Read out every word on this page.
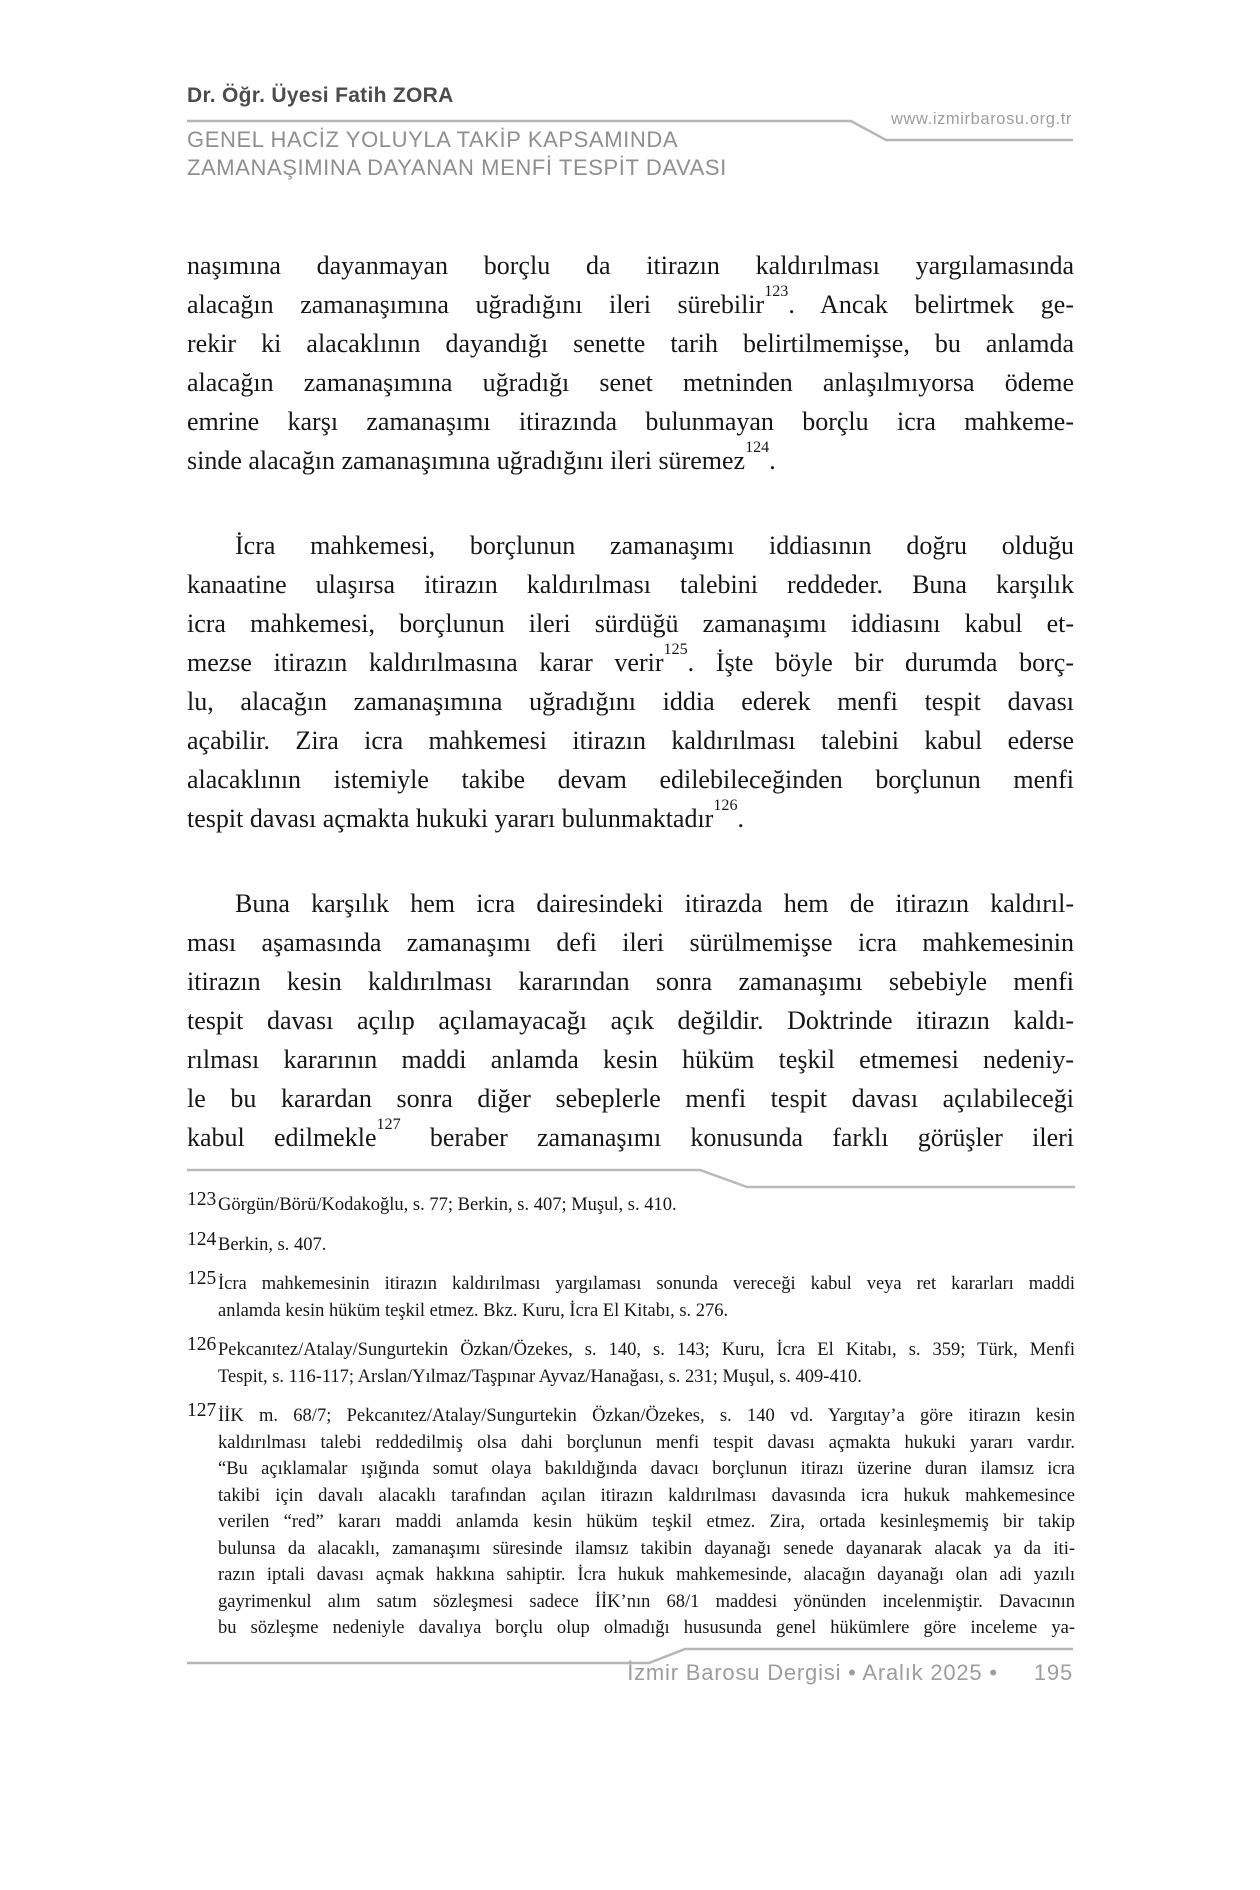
Dr. Öğr. Üyesi Fatih ZORA
www.izmirbarosu.org.tr
GENEL HACİZ YOLUYLA TAKİP KAPSAMINDA
ZAMANAŞIMINA DAYANAN MENFİ TESPİT DAVASI
naşımına dayanmayan borçlu da itirazın kaldırılması yargılamasında
alacağın zamanaşımına uğradığını ileri sürebilir$^{123}$. Ancak belirtmek ge-
rekir ki alacaklının dayandığı senette tarih belirtilmemişse, bu anlamda
alacağın zamanaşımına uğradığı senet metninden anlaşılmıyorsa ödeme
emrine karşı zamanaşımı itirazında bulunmayan borçlu icra mahkeme-
sinde alacağın zamanaşımına uğradığını ileri süremez$^{124}$.
İcra mahkemesi, borçlunun zamanaşımı iddiasının doğru olduğu
kanaatine ulaşırsa itirazın kaldırılması talebini reddeder. Buna karşılık
icra mahkemesi, borçlunun ileri sürdüğü zamanaşımı iddiasını kabul et-
mezse itirazın kaldırılmasına karar verir$^{125}$. İşte böyle bir durumda borç-
lu, alacağın zamanaşımına uğradığını iddia ederek menfi tespit davası
açabilir. Zira icra mahkemesi itirazın kaldırılması talebini kabul ederse
alacaklının istemiyle takibe devam edilebileceğinden borçlunun menfi
tespit davası açmakta hukuki yararı bulunmaktadır$^{126}$.
Buna karşılık hem icra dairesindeki itirazda hem de itirazın kaldırıl-
ması aşamasında zamanaşımı defi ileri sürülmemişse icra mahkemesinin
itirazın kesin kaldırılması kararından sonra zamanaşımı sebebiyle menfi
tespit davası açılıp açılamayacağı açık değildir. Doktrinde itirazın kaldı-
rılması kararının maddi anlamda kesin hüküm teşkil etmemesi nedeniy-
le bu karardan sonra diğer sebeplerle menfi tespit davası açılabileceği
kabul edilmekle$^{127}$ beraber zamanaşımı konusunda farklı görüşler ileri
123 Görgün/Börü/Kodakoğlu, s. 77; Berkin, s. 407; Muşul, s. 410.
124 Berkin, s. 407.
125 İcra mahkemesinin itirazın kaldırılması yargılaması sonunda vereceği kabul veya ret kararları maddi
anlamda kesin hüküm teşkil etmez. Bkz. Kuru, İcra El Kitabı, s. 276.
126 Pekcanıtez/Atalay/Sungurtekin Özkan/Özekes, s. 140, s. 143; Kuru, İcra El Kitabı, s. 359; Türk, Menfi
Tespit, s. 116-117; Arslan/Yılmaz/Taşpınar Ayvaz/Hanağası, s. 231; Muşul, s. 409-410.
127 İİK m. 68/7; Pekcanıtez/Atalay/Sungurtekin Özkan/Özekes, s. 140 vd. Yargıtay’a göre itirazın kesin
kaldırılması talebi reddedilmiş olsa dahi borçlunun menfi tespit davası açmakta hukuki yararı vardır.
“Bu açıklamalar ışığında somut olaya bakıldığında davacı borçlunun itirazı üzerine duran ilamsız icra
takibi için davalı alacaklı tarafından açılan itirazın kaldırılması davasında icra hukuk mahkemesince
verilen “red” kararı maddi anlamda kesin hüküm teşkil etmez. Zira, ortada kesinleşmemiş bir takip
bulunsa da alacaklı, zamanaşımı süresinde ilamsız takibin dayanağı senede dayanarak alacak ya da iti-
razın iptali davası açmak hakkına sahiptir. İcra hukuk mahkemesinde, alacağın dayanağı olan adi yazılı
gayrimenkul alım satım sözleşmesi sadece İİK’nın 68/1 maddesi yönünden incelenmiştir. Davacının
bu sözleşme nedeniyle davalıya borçlu olup olmadığı hususunda genel hükümlere göre inceleme ya-
İzmir Barosu Dergisi • Aralık 2025 • 195
